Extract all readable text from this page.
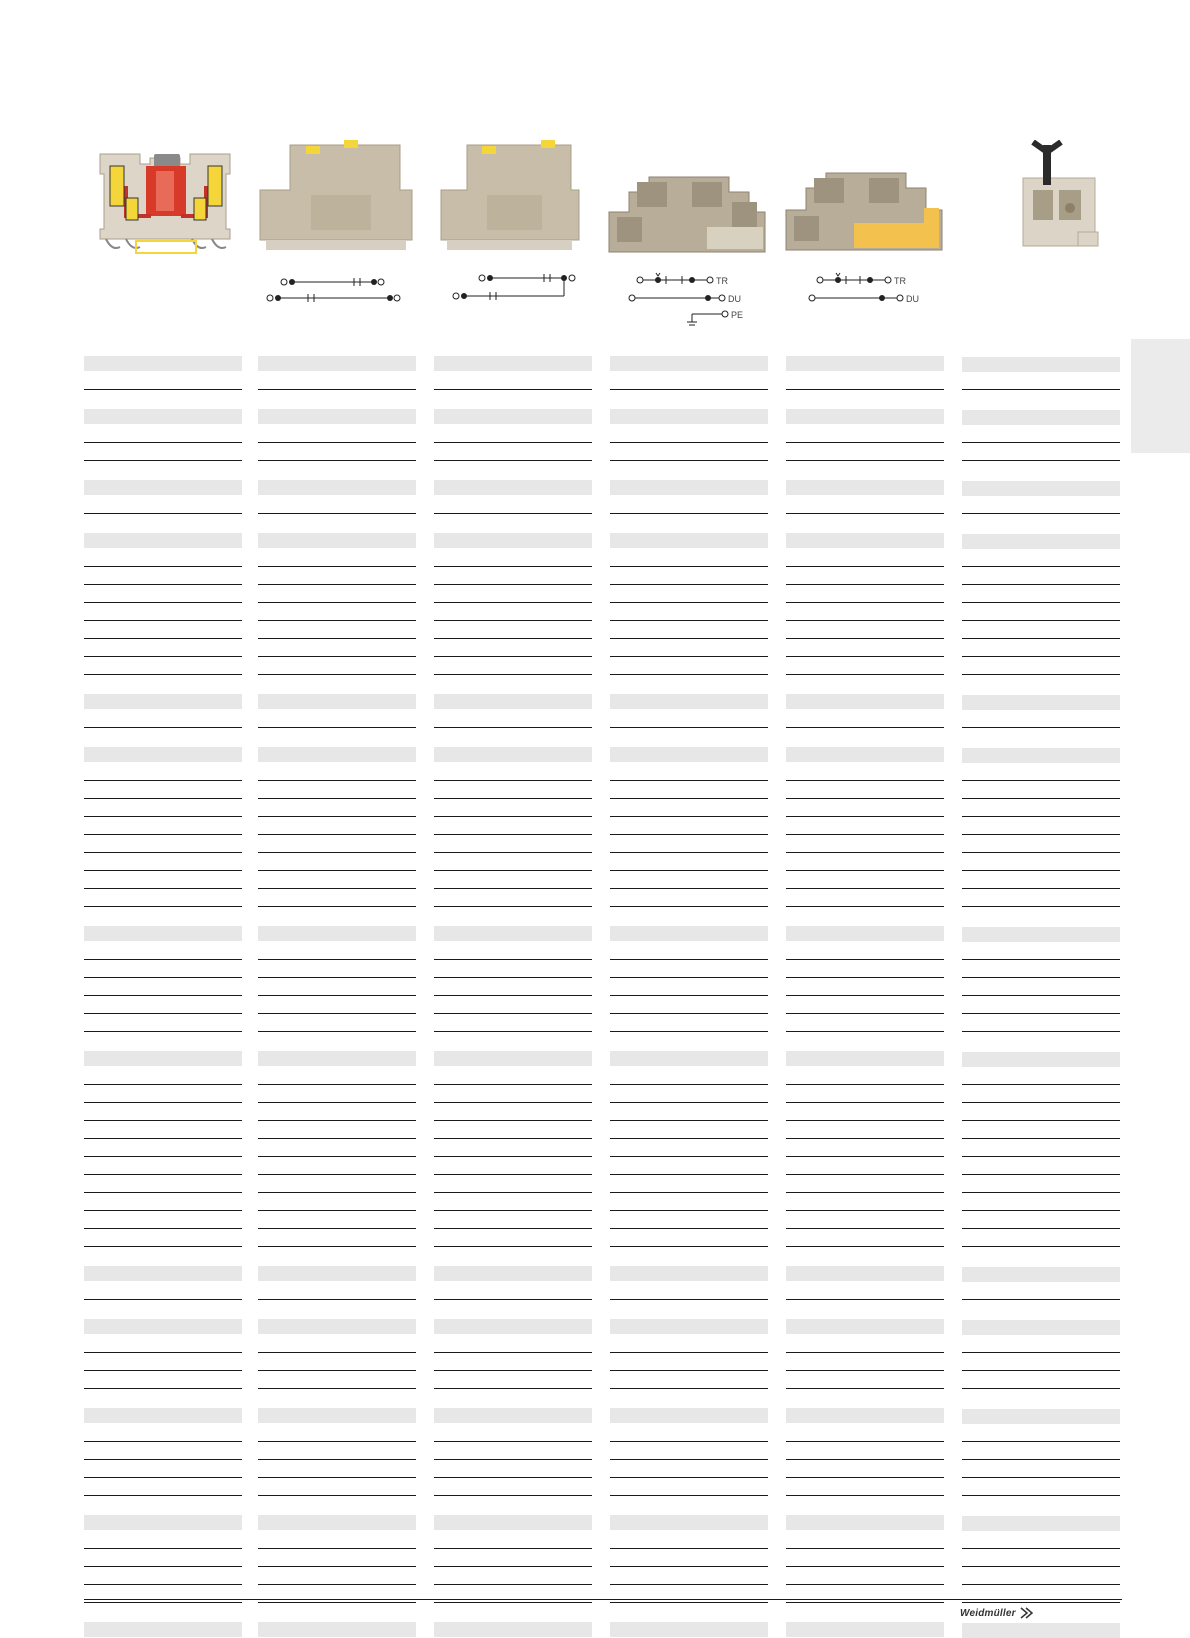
TR
DU
PE
TR
DU
Weidmüller
